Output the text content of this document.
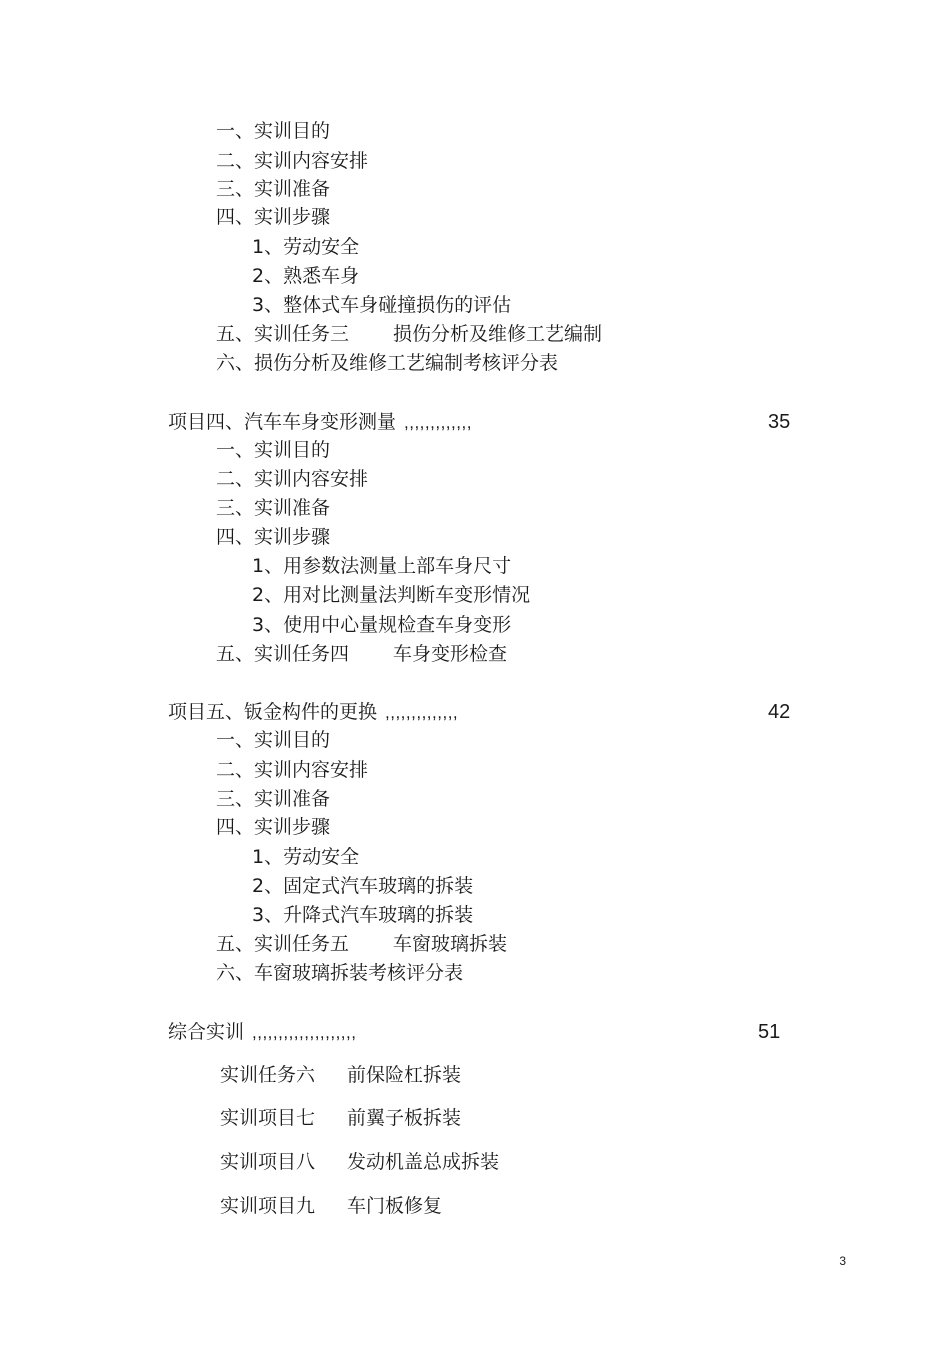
一、实训目的
二、实训内容安排
三、实训准备
四、实训步骤
1、劳动安全
2、熟悉车身
3、整体式车身碰撞损伤的评估
五、实训任务三 损伤分析及维修工艺编制
六、损伤分析及维修工艺编制考核评分表
项目四、汽车车身变形测量 ,,,,,,,,,,,,,	35
一、实训目的
二、实训内容安排
三、实训准备
四、实训步骤
1、用参数法测量上部车身尺寸
2、用对比测量法判断车变形情况
3、使用中心量规检查车身变形
五、实训任务四 车身变形检查
项目五、钣金构件的更换 ,,,,,,,,,,,,,,	42
一、实训目的
二、实训内容安排
三、实训准备
四、实训步骤
1、劳动安全
2、固定式汽车玻璃的拆装
3、升降式汽车玻璃的拆装
五、实训任务五 车窗玻璃拆装
六、车窗玻璃拆装考核评分表
综合实训 ,,,,,,,,,,,,,,,,,,,,	51
实训任务六 前保险杠拆装
实训项目七 前翼子板拆装
实训项目八 发动机盖总成拆装
实训项目九 车门板修复
3
